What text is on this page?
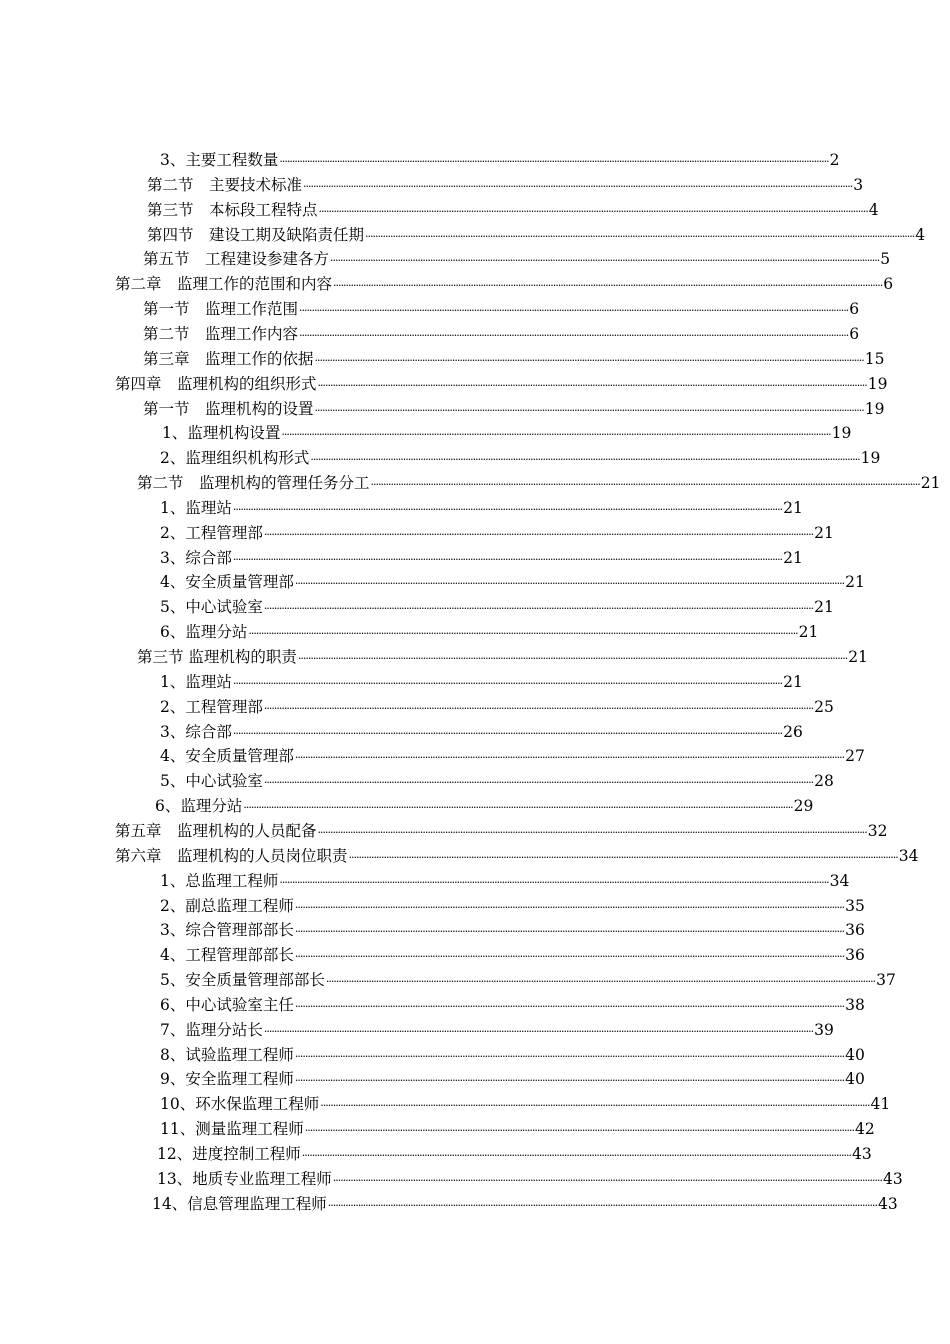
3、主要工程数量 ···························································································································································································································· 2
第二节　主要技术标准 ···························································································································································································································· 3
第三节　本标段工程特点 ···························································································································································································································· 4
第四节　建设工期及缺陷责任期 ···························································································································································································································· 4
第五节　工程建设参建各方 ···························································································································································································································· 5
第二章　监理工作的范围和内容 ···························································································································································································································· 6
第一节　监理工作范围 ···························································································································································································································· 6
第二节　监理工作内容 ···························································································································································································································· 6
第三章　监理工作的依据 ···························································································································································································································· 15
第四章　监理机构的组织形式 ···························································································································································································································· 19
第一节　监理机构的设置 ···························································································································································································································· 19
1、监理机构设置 ···························································································································································································································· 19
2、监理组织机构形式 ···························································································································································································································· 19
第二节　监理机构的管理任务分工 ···························································································································································································································· 21
1、监理站 ···························································································································································································································· 21
2、工程管理部 ···························································································································································································································· 21
3、综合部 ···························································································································································································································· 21
4、安全质量管理部 ···························································································································································································································· 21
5、中心试验室 ···························································································································································································································· 21
6、监理分站 ···························································································································································································································· 21
第三节 监理机构的职责 ···························································································································································································································· 21
1、监理站 ···························································································································································································································· 21
2、工程管理部 ···························································································································································································································· 25
3、综合部 ···························································································································································································································· 26
4、安全质量管理部 ···························································································································································································································· 27
5、中心试验室 ···························································································································································································································· 28
6、监理分站 ···························································································································································································································· 29
第五章　监理机构的人员配备 ···························································································································································································································· 32
第六章　监理机构的人员岗位职责 ···························································································································································································································· 34
1、总监理工程师 ···························································································································································································································· 34
2、副总监理工程师 ···························································································································································································································· 35
3、综合管理部部长 ···························································································································································································································· 36
4、工程管理部部长 ···························································································································································································································· 36
5、安全质量管理部部长 ···························································································································································································································· 37
6、中心试验室主任 ···························································································································································································································· 38
7、监理分站长 ···························································································································································································································· 39
8、试验监理工程师 ···························································································································································································································· 40
9、安全监理工程师 ···························································································································································································································· 40
10、环水保监理工程师 ···························································································································································································································· 41
11、测量监理工程师 ···························································································································································································································· 42
12、进度控制工程师 ···························································································································································································································· 43
13、地质专业监理工程师 ···························································································································································································································· 43
14、信息管理监理工程师 ···························································································································································································································· 43
